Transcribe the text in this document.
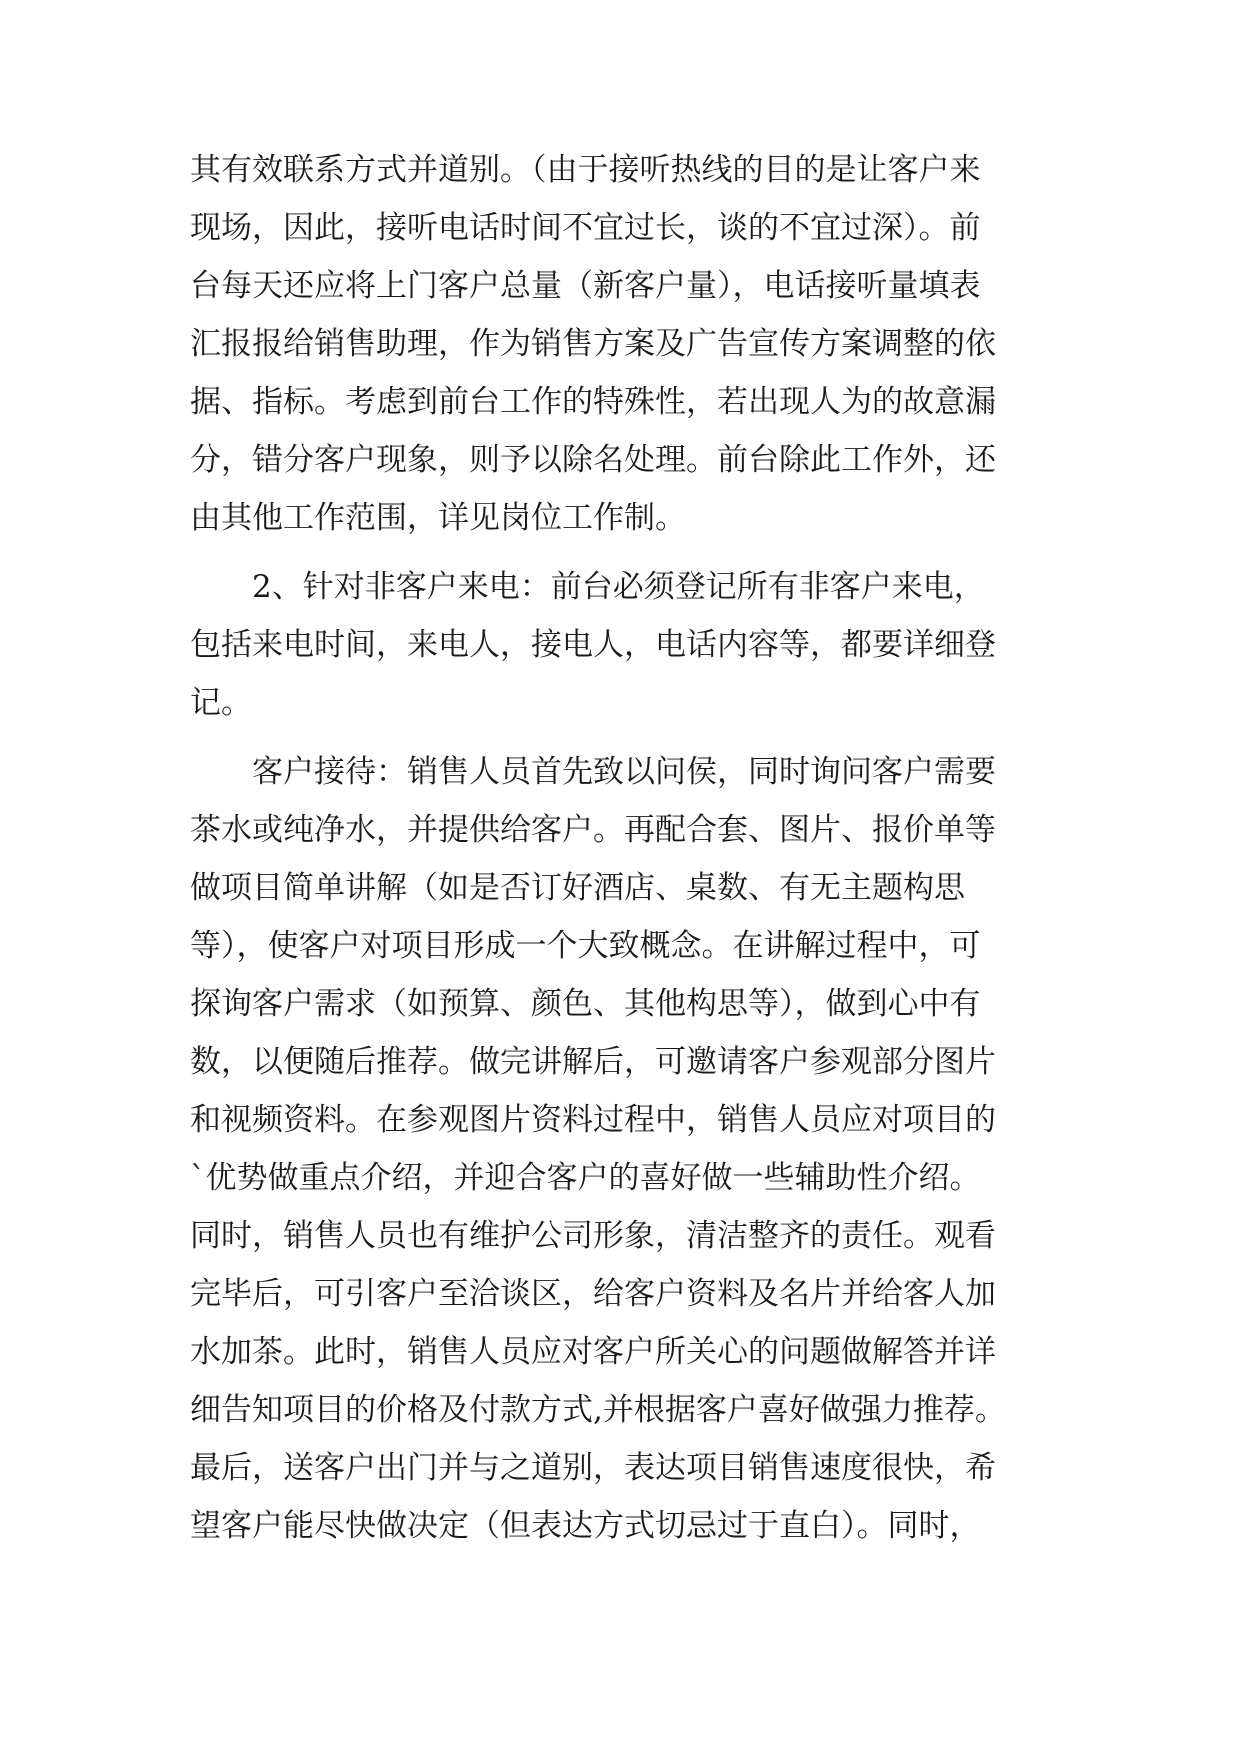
其有效联系方式并道别。（由于接听热线的目的是让客户来
现场，因此，接听电话时间不宜过长，谈的不宜过深）。前
台每天还应将上门客户总量（新客户量），电话接听量填表
汇报报给销售助理，作为销售方案及广告宣传方案调整的依
据、指标。考虑到前台工作的特殊性，若出现人为的故意漏
分，错分客户现象，则予以除名处理。前台除此工作外，还
由其他工作范围，详见岗位工作制。
2、针对非客户来电：前台必须登记所有非客户来电，
包括来电时间，来电人，接电人，电话内容等，都要详细登
记。
客户接待：销售人员首先致以问侯，同时询问客户需要
茶水或纯净水，并提供给客户。再配合套、图片、报价单等
做项目简单讲解（如是否订好酒店、桌数、有无主题构思
等），使客户对项目形成一个大致概念。在讲解过程中，可
探询客户需求（如预算、颜色、其他构思等），做到心中有
数，以便随后推荐。做完讲解后，可邀请客户参观部分图片
和视频资料。在参观图片资料过程中，销售人员应对项目的
`优势做重点介绍，并迎合客户的喜好做一些辅助性介绍。
同时，销售人员也有维护公司形象，清洁整齐的责任。观看
完毕后，可引客户至洽谈区，给客户资料及名片并给客人加
水加茶。此时，销售人员应对客户所关心的问题做解答并详
细告知项目的价格及付款方式,并根据客户喜好做强力推荐。
最后，送客户出门并与之道别，表达项目销售速度很快，希
望客户能尽快做决定（但表达方式切忌过于直白）。同时，
